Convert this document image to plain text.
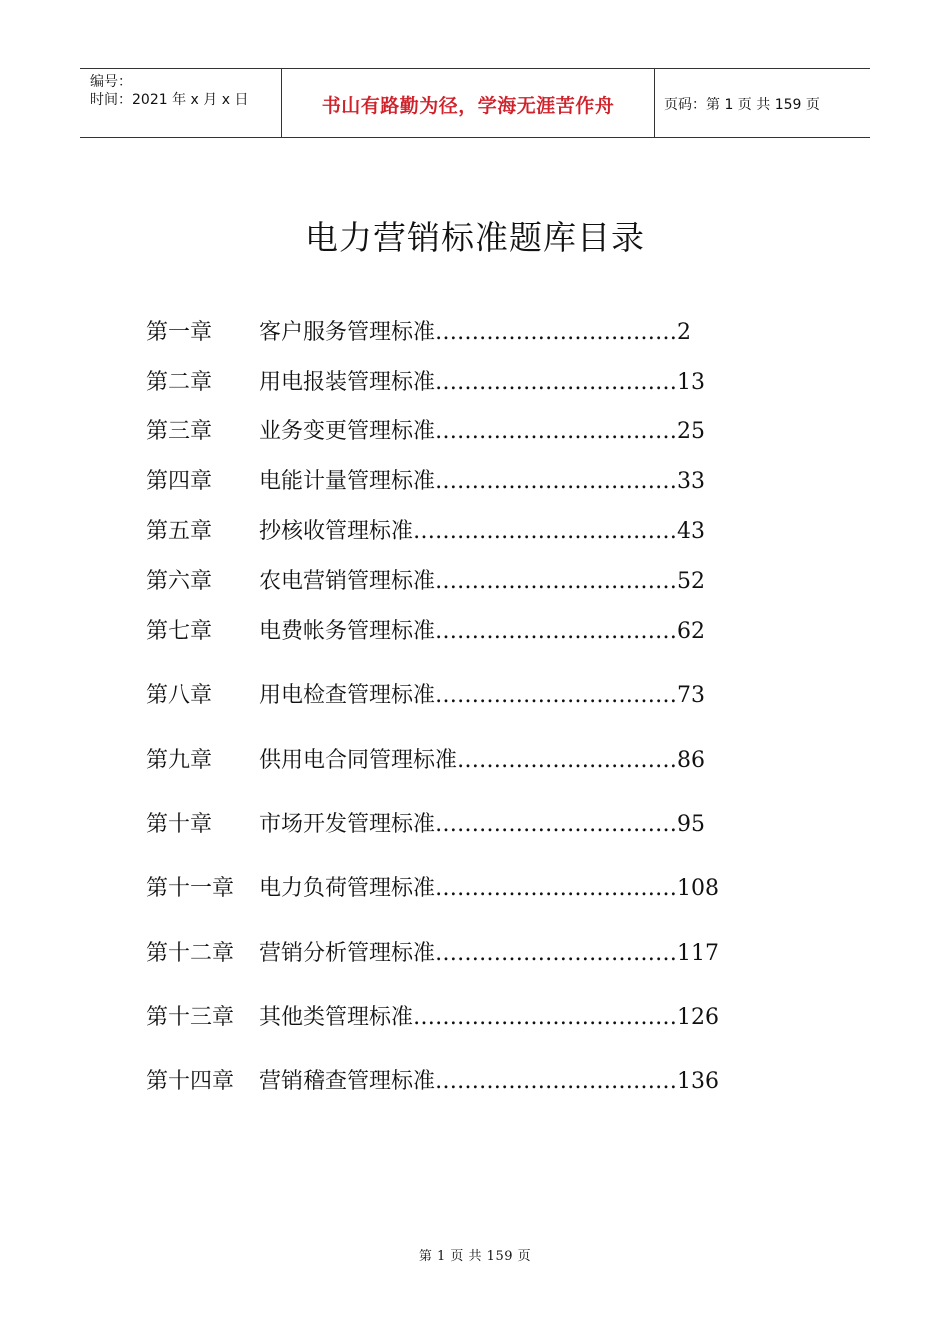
编号：
时间：2021 年 x 月 x 日	书山有路勤为径，学海无涯苦作舟	页码：第 1 页 共 159 页
电力营销标准题库目录
第一章 客户服务管理标准……………………………2
第二章 用电报装管理标准……………………………13
第三章 业务变更管理标准……………………………25
第四章 电能计量管理标准……………………………33
第五章 抄核收管理标准………………………………43
第六章 农电营销管理标准……………………………52
第七章 电费帐务管理标准……………………………62
第八章 用电检查管理标准……………………………73
第九章 供用电合同管理标准…………………………86
第十章 市场开发管理标准……………………………95
第十一章 电力负荷管理标准……………………………108
第十二章 营销分析管理标准……………………………117
第十三章 其他类管理标准………………………………126
第十四章 营销稽查管理标准……………………………136
第 1 页 共 159 页
